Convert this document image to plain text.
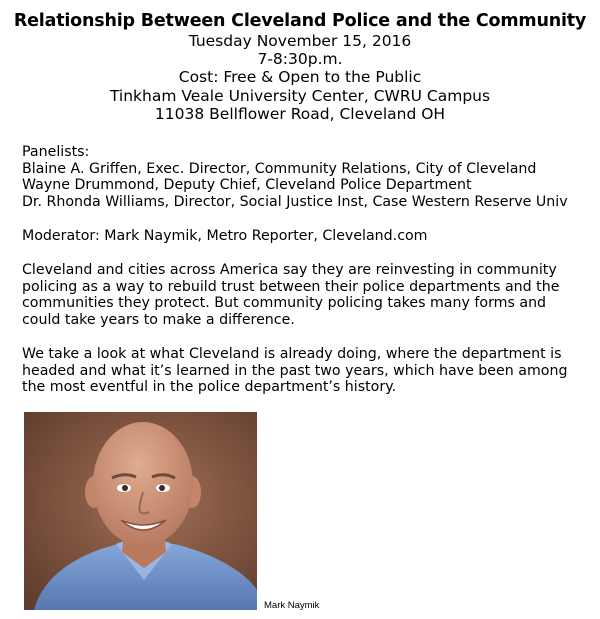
Relationship Between Cleveland Police and the Community
Tuesday November 15, 2016
7-8:30p.m.
Cost: Free & Open to the Public
Tinkham Veale University Center, CWRU Campus
11038 Bellflower Road, Cleveland OH
Panelists:
Blaine A. Griffen, Exec. Director, Community Relations, City of Cleveland
Wayne Drummond, Deputy Chief, Cleveland Police Department
Dr. Rhonda Williams, Director, Social Justice Inst, Case Western Reserve Univ
Moderator: Mark Naymik, Metro Reporter, Cleveland.com
Cleveland and cities across America say they are reinvesting in community policing as a way to rebuild trust between their police departments and the communities they protect. But community policing takes many forms and could take years to make a difference.
We take a look at what Cleveland is already doing, where the department is headed and what it’s learned in the past two years, which have been among the most eventful in the police department’s history.
Mark Naymik
